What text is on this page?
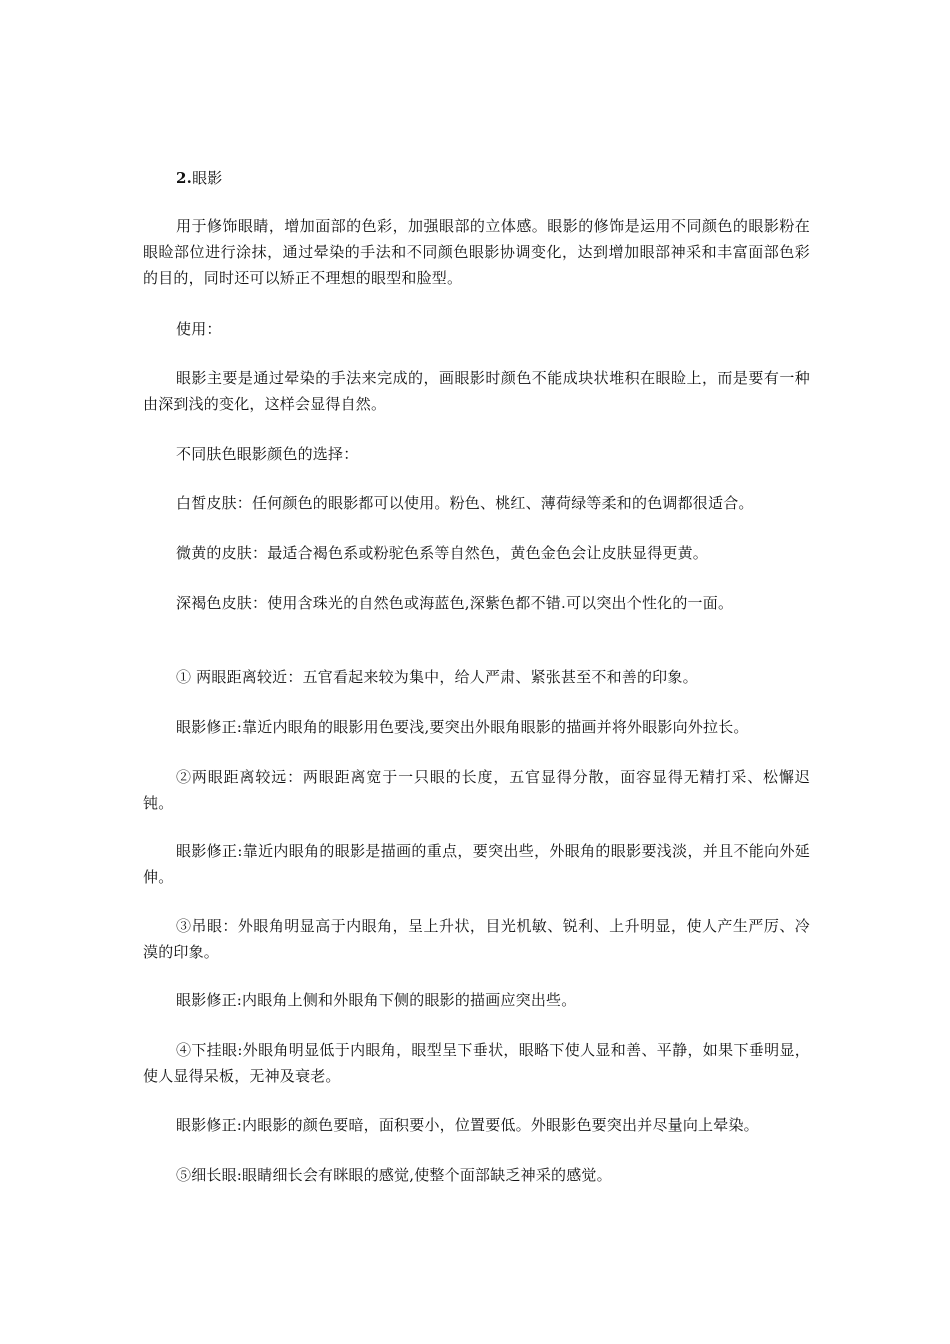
2.眼影

用于修饰眼睛，增加面部的色彩，加强眼部的立体感。眼影的修饰是运用不同颜色的眼影粉在眼睑部位进行涂抹，通过晕染的手法和不同颜色眼影协调变化，达到增加眼部神采和丰富面部色彩的目的，同时还可以矫正不理想的眼型和脸型。

使用：

眼影主要是通过晕染的手法来完成的，画眼影时颜色不能成块状堆积在眼睑上，而是要有一种由深到浅的变化，这样会显得自然。

不同肤色眼影颜色的选择：

白皙皮肤：任何颜色的眼影都可以使用。粉色、桃红、薄荷绿等柔和的色调都很适合。

微黄的皮肤：最适合褐色系或粉驼色系等自然色，黄色金色会让皮肤显得更黄。

深褐色皮肤：使用含珠光的自然色或海蓝色,深紫色都不错.可以突出个性化的一面。

① 两眼距离较近：五官看起来较为集中，给人严肃、紧张甚至不和善的印象。

眼影修正:靠近内眼角的眼影用色要浅,要突出外眼角眼影的描画并将外眼影向外拉长。

②两眼距离较远：两眼距离宽于一只眼的长度，五官显得分散，面容显得无精打采、松懈迟钝。

眼影修正:靠近内眼角的眼影是描画的重点，要突出些，外眼角的眼影要浅淡，并且不能向外延伸。

③吊眼：外眼角明显高于内眼角，呈上升状，目光机敏、锐利、上升明显，使人产生严厉、冷漠的印象。

眼影修正:内眼角上侧和外眼角下侧的眼影的描画应突出些。

④下挂眼:外眼角明显低于内眼角，眼型呈下垂状，眼略下使人显和善、平静，如果下垂明显，使人显得呆板，无神及衰老。

眼影修正:内眼影的颜色要暗，面积要小，位置要低。外眼影色要突出并尽量向上晕染。

⑤细长眼:眼睛细长会有眯眼的感觉,使整个面部缺乏神采的感觉。
